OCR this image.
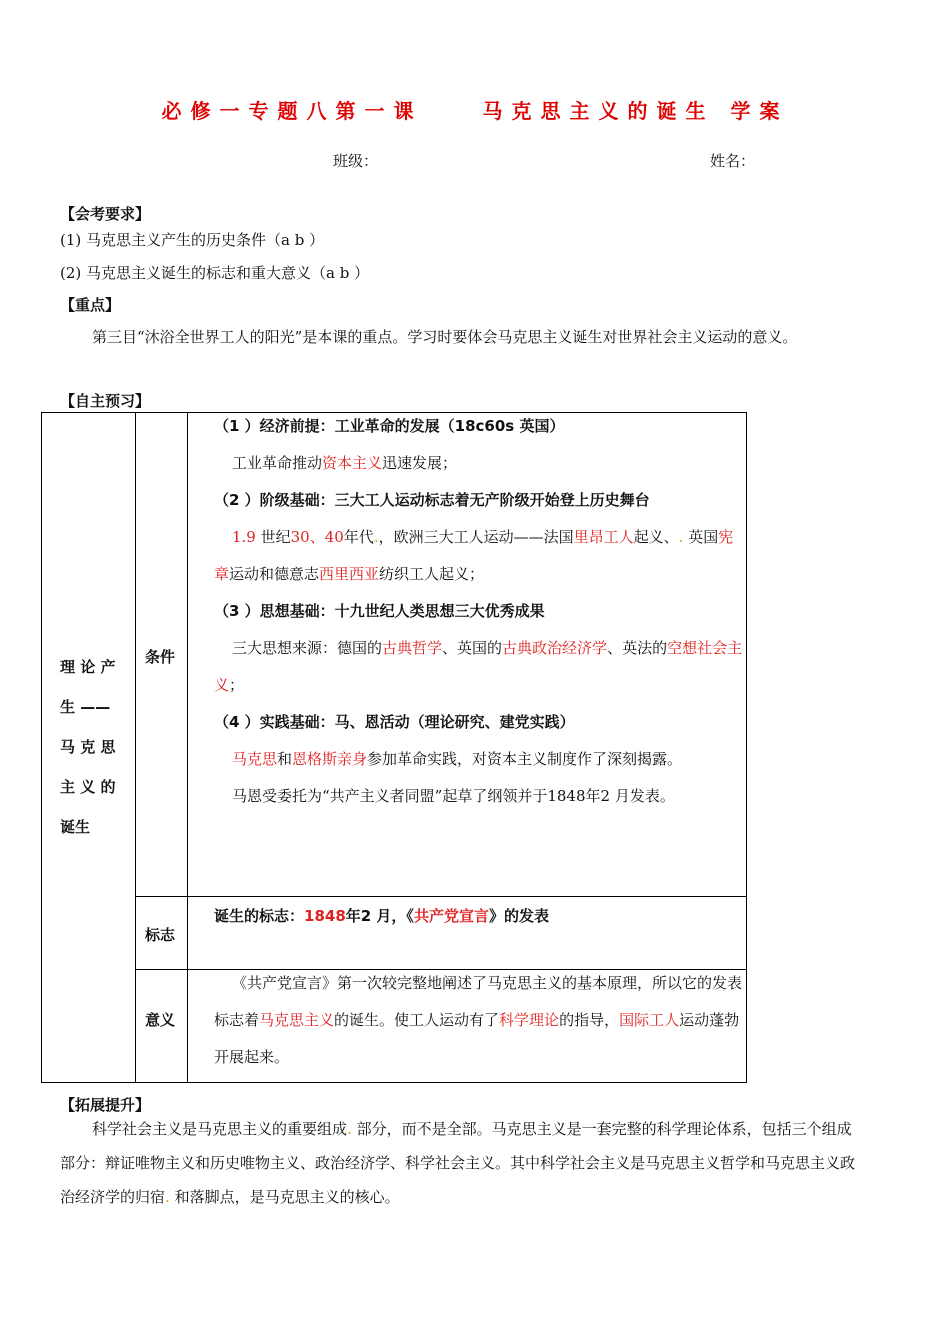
必修一专题八第一课	马克思主义的诞生 学案
班级：	姓名：
【会考要求】
(1) 马克思主义产生的历史条件（a b ）
(2) 马克思主义诞生的标志和重大意义（a b ）
【重点】
第三目“沐浴全世界工人的阳光”是本课的重点。学习时要体会马克思主义诞生对世界社会主义运动的意义。
【自主预习】
理 论 产
生 ——
马 克 思
主 义 的
诞生
条件
标志
意义
（1 ）经济前提：工业革命的发展（18c60s 英国）
工业革命推动资本主义迅速发展；
（2 ）阶级基础：三大工人运动标志着无产阶级开始登上历史舞台
1.9 世纪30、40年代.，欧洲三大工人运动——法国里昂工人起义、. 英国宪章运动和德意志西里西亚纺织工人起义；
（3 ）思想基础：十九世纪人类思想三大优秀成果
三大思想来源：德国的古典哲学、英国的古典政治经济学、英法的空想社会主义；
（4 ）实践基础：马、恩活动（理论研究、建党实践）
马克思和恩格斯亲身参加革命实践，对资本主义制度作了深刻揭露。
马恩受委托为“共产主义者同盟”起草了纲领并于1848年2 月发表。
诞生的标志：1848年2 月，《共产党宣言》的发表
《共产党宣言》第一次较完整地阐述了马克思主义的基本原理，所以它的发表标志着马克思主义的诞生。使工人运动有了科学理论的指导，国际工人运动蓬勃开展起来。
【拓展提升】
科学社会主义是马克思主义的重要组成. 部分，而不是全部。马克思主义是一套完整的科学理论体系，包括三个组成部分：辩证唯物主义和历史唯物主义、政治经济学、科学社会主义。其中科学社会主义是马克思主义哲学和马克思主义政治经济学的归宿. 和落脚点，是马克思主义的核心。
